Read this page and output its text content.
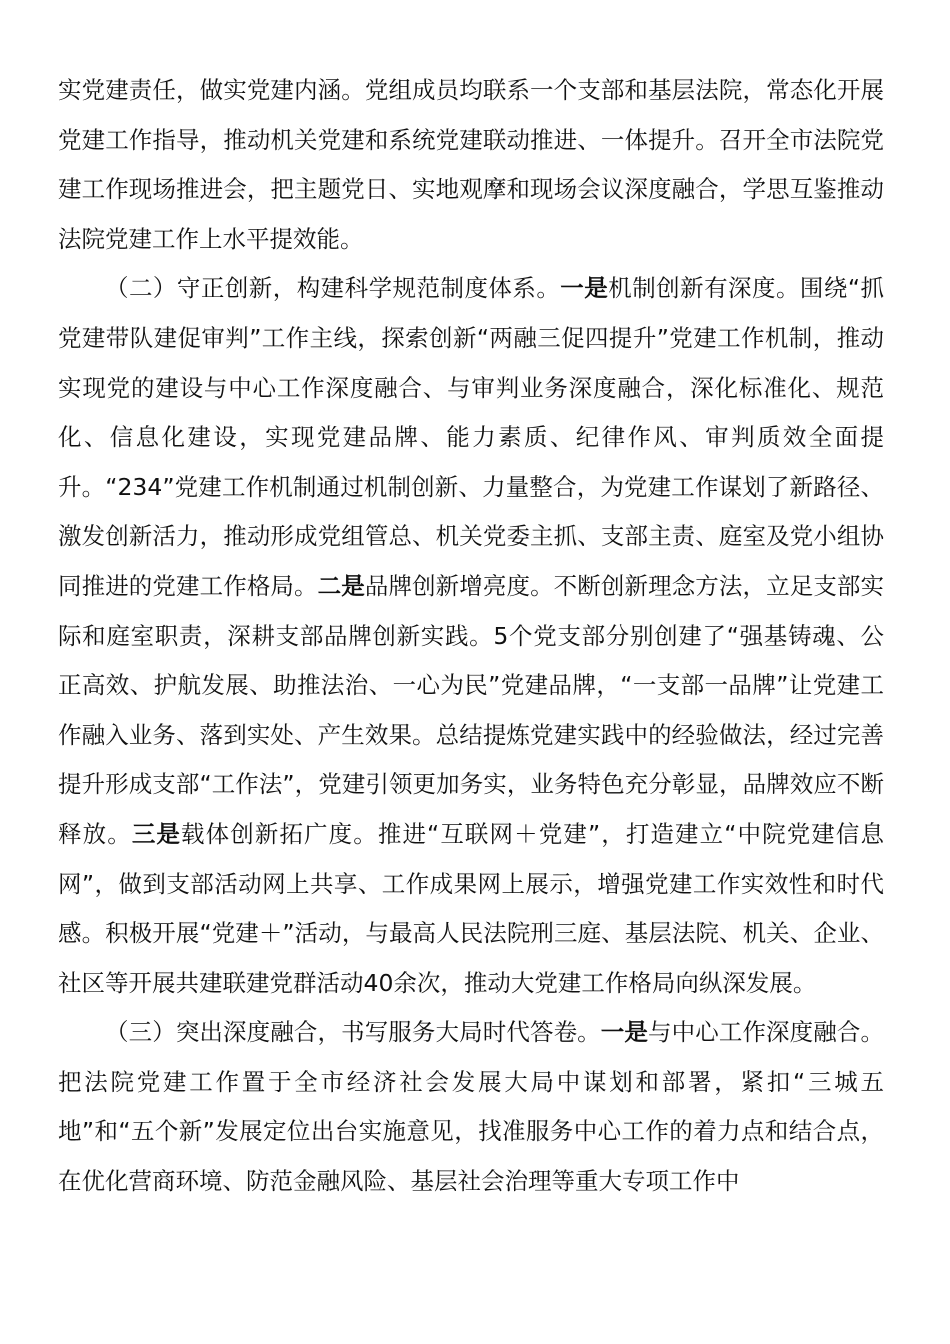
实党建责任，做实党建内涵。党组成员均联系一个支部和基层法院，常态化开展党建工作指导，推动机关党建和系统党建联动推进、一体提升。召开全市法院党建工作现场推进会，把主题党日、实地观摩和现场会议深度融合，学思互鉴推动法院党建工作上水平提效能。

（二）守正创新，构建科学规范制度体系。一是机制创新有深度。围绕“抓党建带队建促审判”工作主线，探索创新“两融三促四提升”党建工作机制，推动实现党的建设与中心工作深度融合、与审判业务深度融合，深化标准化、规范化、信息化建设，实现党建品牌、能力素质、纪律作风、审判质效全面提升。“234”党建工作机制通过机制创新、力量整合，为党建工作谋划了新路径、激发创新活力，推动形成党组管总、机关党委主抓、支部主责、庭室及党小组协同推进的党建工作格局。二是品牌创新增亮度。不断创新理念方法，立足支部实际和庭室职责，深耕支部品牌创新实践。5个党支部分别创建了“强基铸魂、公正高效、护航发展、助推法治、一心为民”党建品牌，“一支部一品牌”让党建工作融入业务、落到实处、产生效果。总结提炼党建实践中的经验做法，经过完善提升形成支部“工作法”，党建引领更加务实，业务特色充分彰显，品牌效应不断释放。三是载体创新拓广度。推进“互联网＋党建”，打造建立“中院党建信息网”，做到支部活动网上共享、工作成果网上展示，增强党建工作实效性和时代感。积极开展“党建＋”活动，与最高人民法院刑三庭、基层法院、机关、企业、社区等开展共建联建党群活动40余次，推动大党建工作格局向纵深发展。

（三）突出深度融合，书写服务大局时代答卷。一是与中心工作深度融合。把法院党建工作置于全市经济社会发展大局中谋划和部署，紧扣“三城五地”和“五个新”发展定位出台实施意见，找准服务中心工作的着力点和结合点，在优化营商环境、防范金融风险、基层社会治理等重大专项工作中
